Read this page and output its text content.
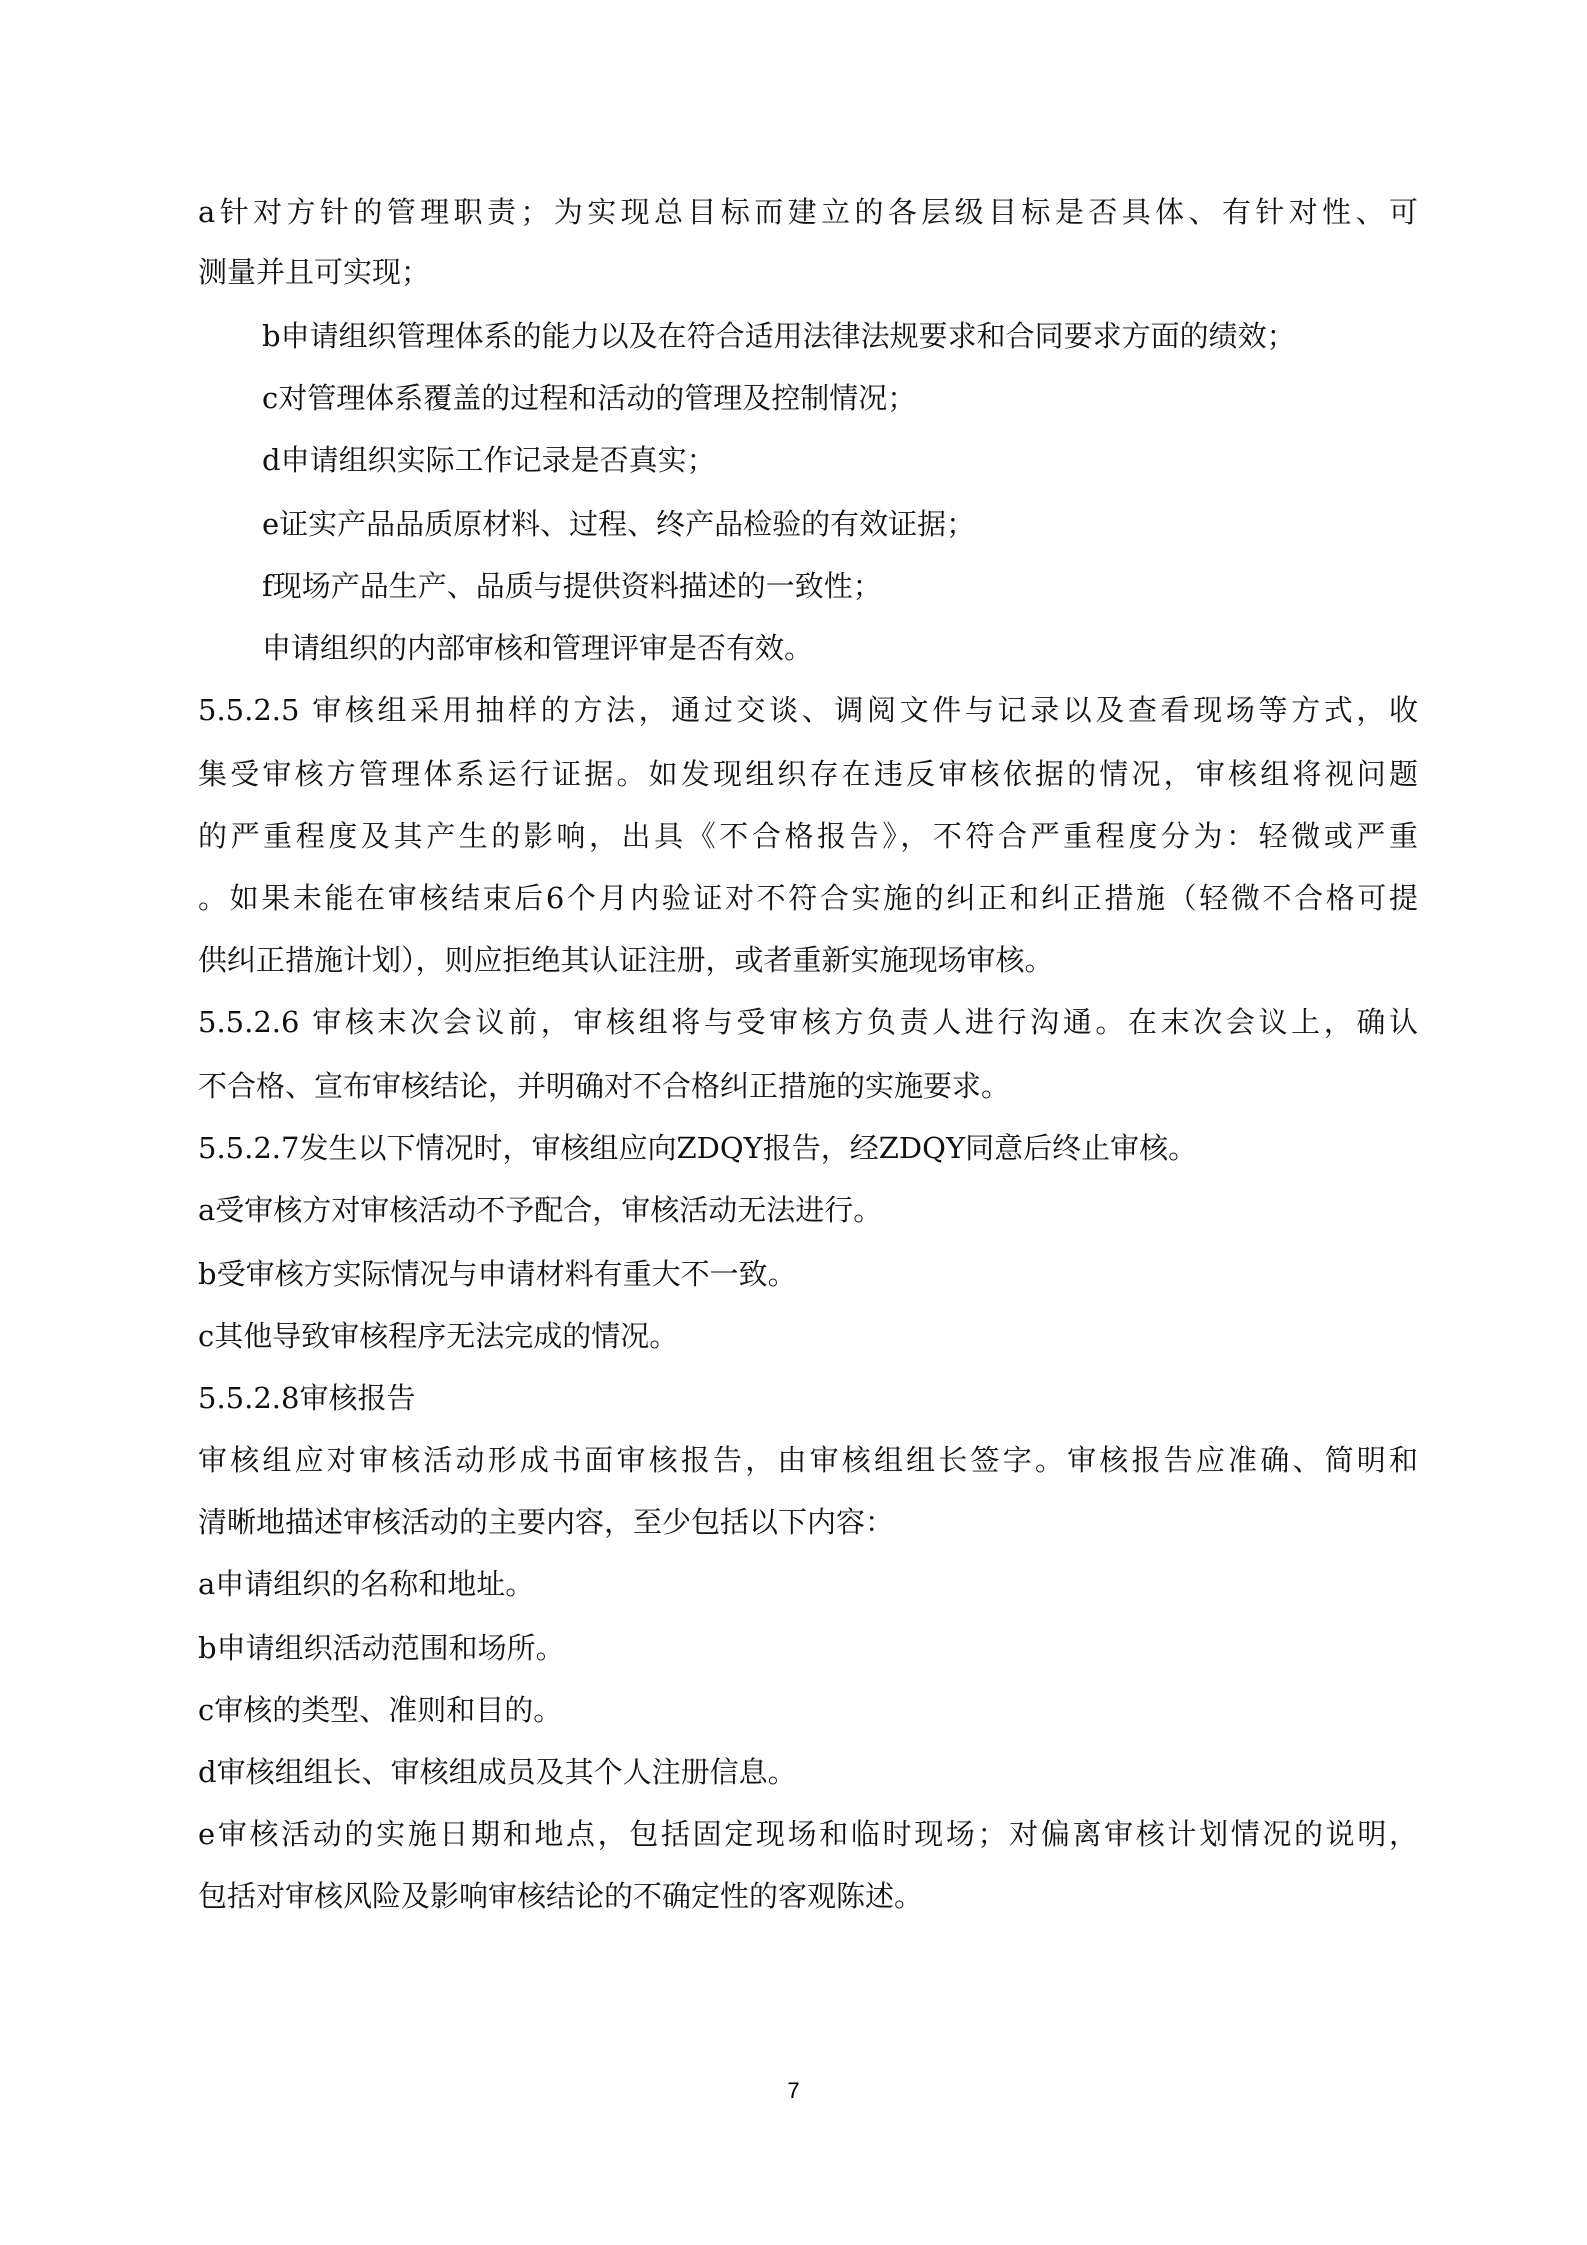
a针对方针的管理职责；为实现总目标而建立的各层级目标是否具体、有针对性、可
测量并且可实现；
b申请组织管理体系的能力以及在符合适用法律法规要求和合同要求方面的绩效；
c对管理体系覆盖的过程和活动的管理及控制情况；
d申请组织实际工作记录是否真实；
e证实产品品质原材料、过程、终产品检验的有效证据；
f现场产品生产、品质与提供资料描述的一致性；
申请组织的内部审核和管理评审是否有效。
5.5.2.5 审核组采用抽样的方法，通过交谈、调阅文件与记录以及查看现场等方式，收
集受审核方管理体系运行证据。如发现组织存在违反审核依据的情况，审核组将视问题
的严重程度及其产生的影响，出具《不合格报告》，不符合严重程度分为：轻微或严重
。如果未能在审核结束后6个月内验证对不符合实施的纠正和纠正措施（轻微不合格可提
供纠正措施计划），则应拒绝其认证注册，或者重新实施现场审核。
5.5.2.6 审核末次会议前，审核组将与受审核方负责人进行沟通。在末次会议上，确认
不合格、宣布审核结论，并明确对不合格纠正措施的实施要求。
5.5.2.7发生以下情况时，审核组应向ZDQY报告，经ZDQY同意后终止审核。
a受审核方对审核活动不予配合，审核活动无法进行。
b受审核方实际情况与申请材料有重大不一致。
c其他导致审核程序无法完成的情况。
5.5.2.8审核报告
审核组应对审核活动形成书面审核报告，由审核组组长签字。审核报告应准确、简明和
清晰地描述审核活动的主要内容，至少包括以下内容：
a申请组织的名称和地址。
b申请组织活动范围和场所。
c审核的类型、准则和目的。
d审核组组长、审核组成员及其个人注册信息。
e审核活动的实施日期和地点，包括固定现场和临时现场；对偏离审核计划情况的说明，
包括对审核风险及影响审核结论的不确定性的客观陈述。
7
